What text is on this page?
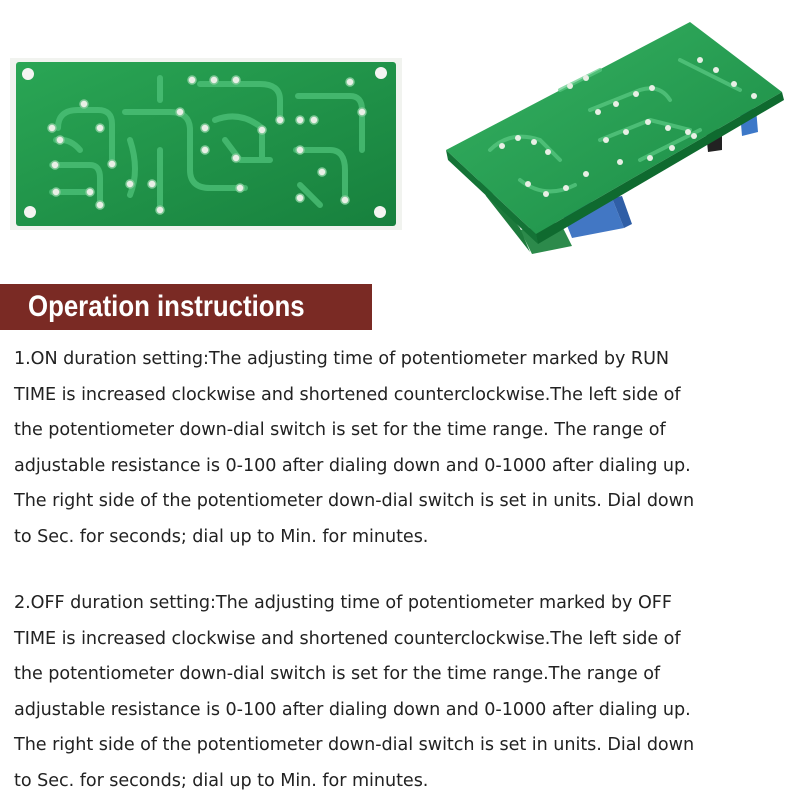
Operation instructions
1.ON duration setting:The adjusting time of potentiometer marked by RUN
TIME is increased clockwise and shortened counterclockwise.The left side of
the potentiometer down-dial switch is set for the time range. The range of
adjustable resistance is 0-100 after dialing down and 0-1000 after dialing up.
The right side of the potentiometer down-dial switch is set in units. Dial down
to Sec. for seconds; dial up to Min. for minutes.
2.OFF duration setting:The adjusting time of potentiometer marked by OFF
TIME is increased clockwise and shortened counterclockwise.The left side of
the potentiometer down-dial switch is set for the time range.The range of
adjustable resistance is 0-100 after dialing down and 0-1000 after dialing up.
The right side of the potentiometer down-dial switch is set in units. Dial down
to Sec. for seconds; dial up to Min. for minutes.
